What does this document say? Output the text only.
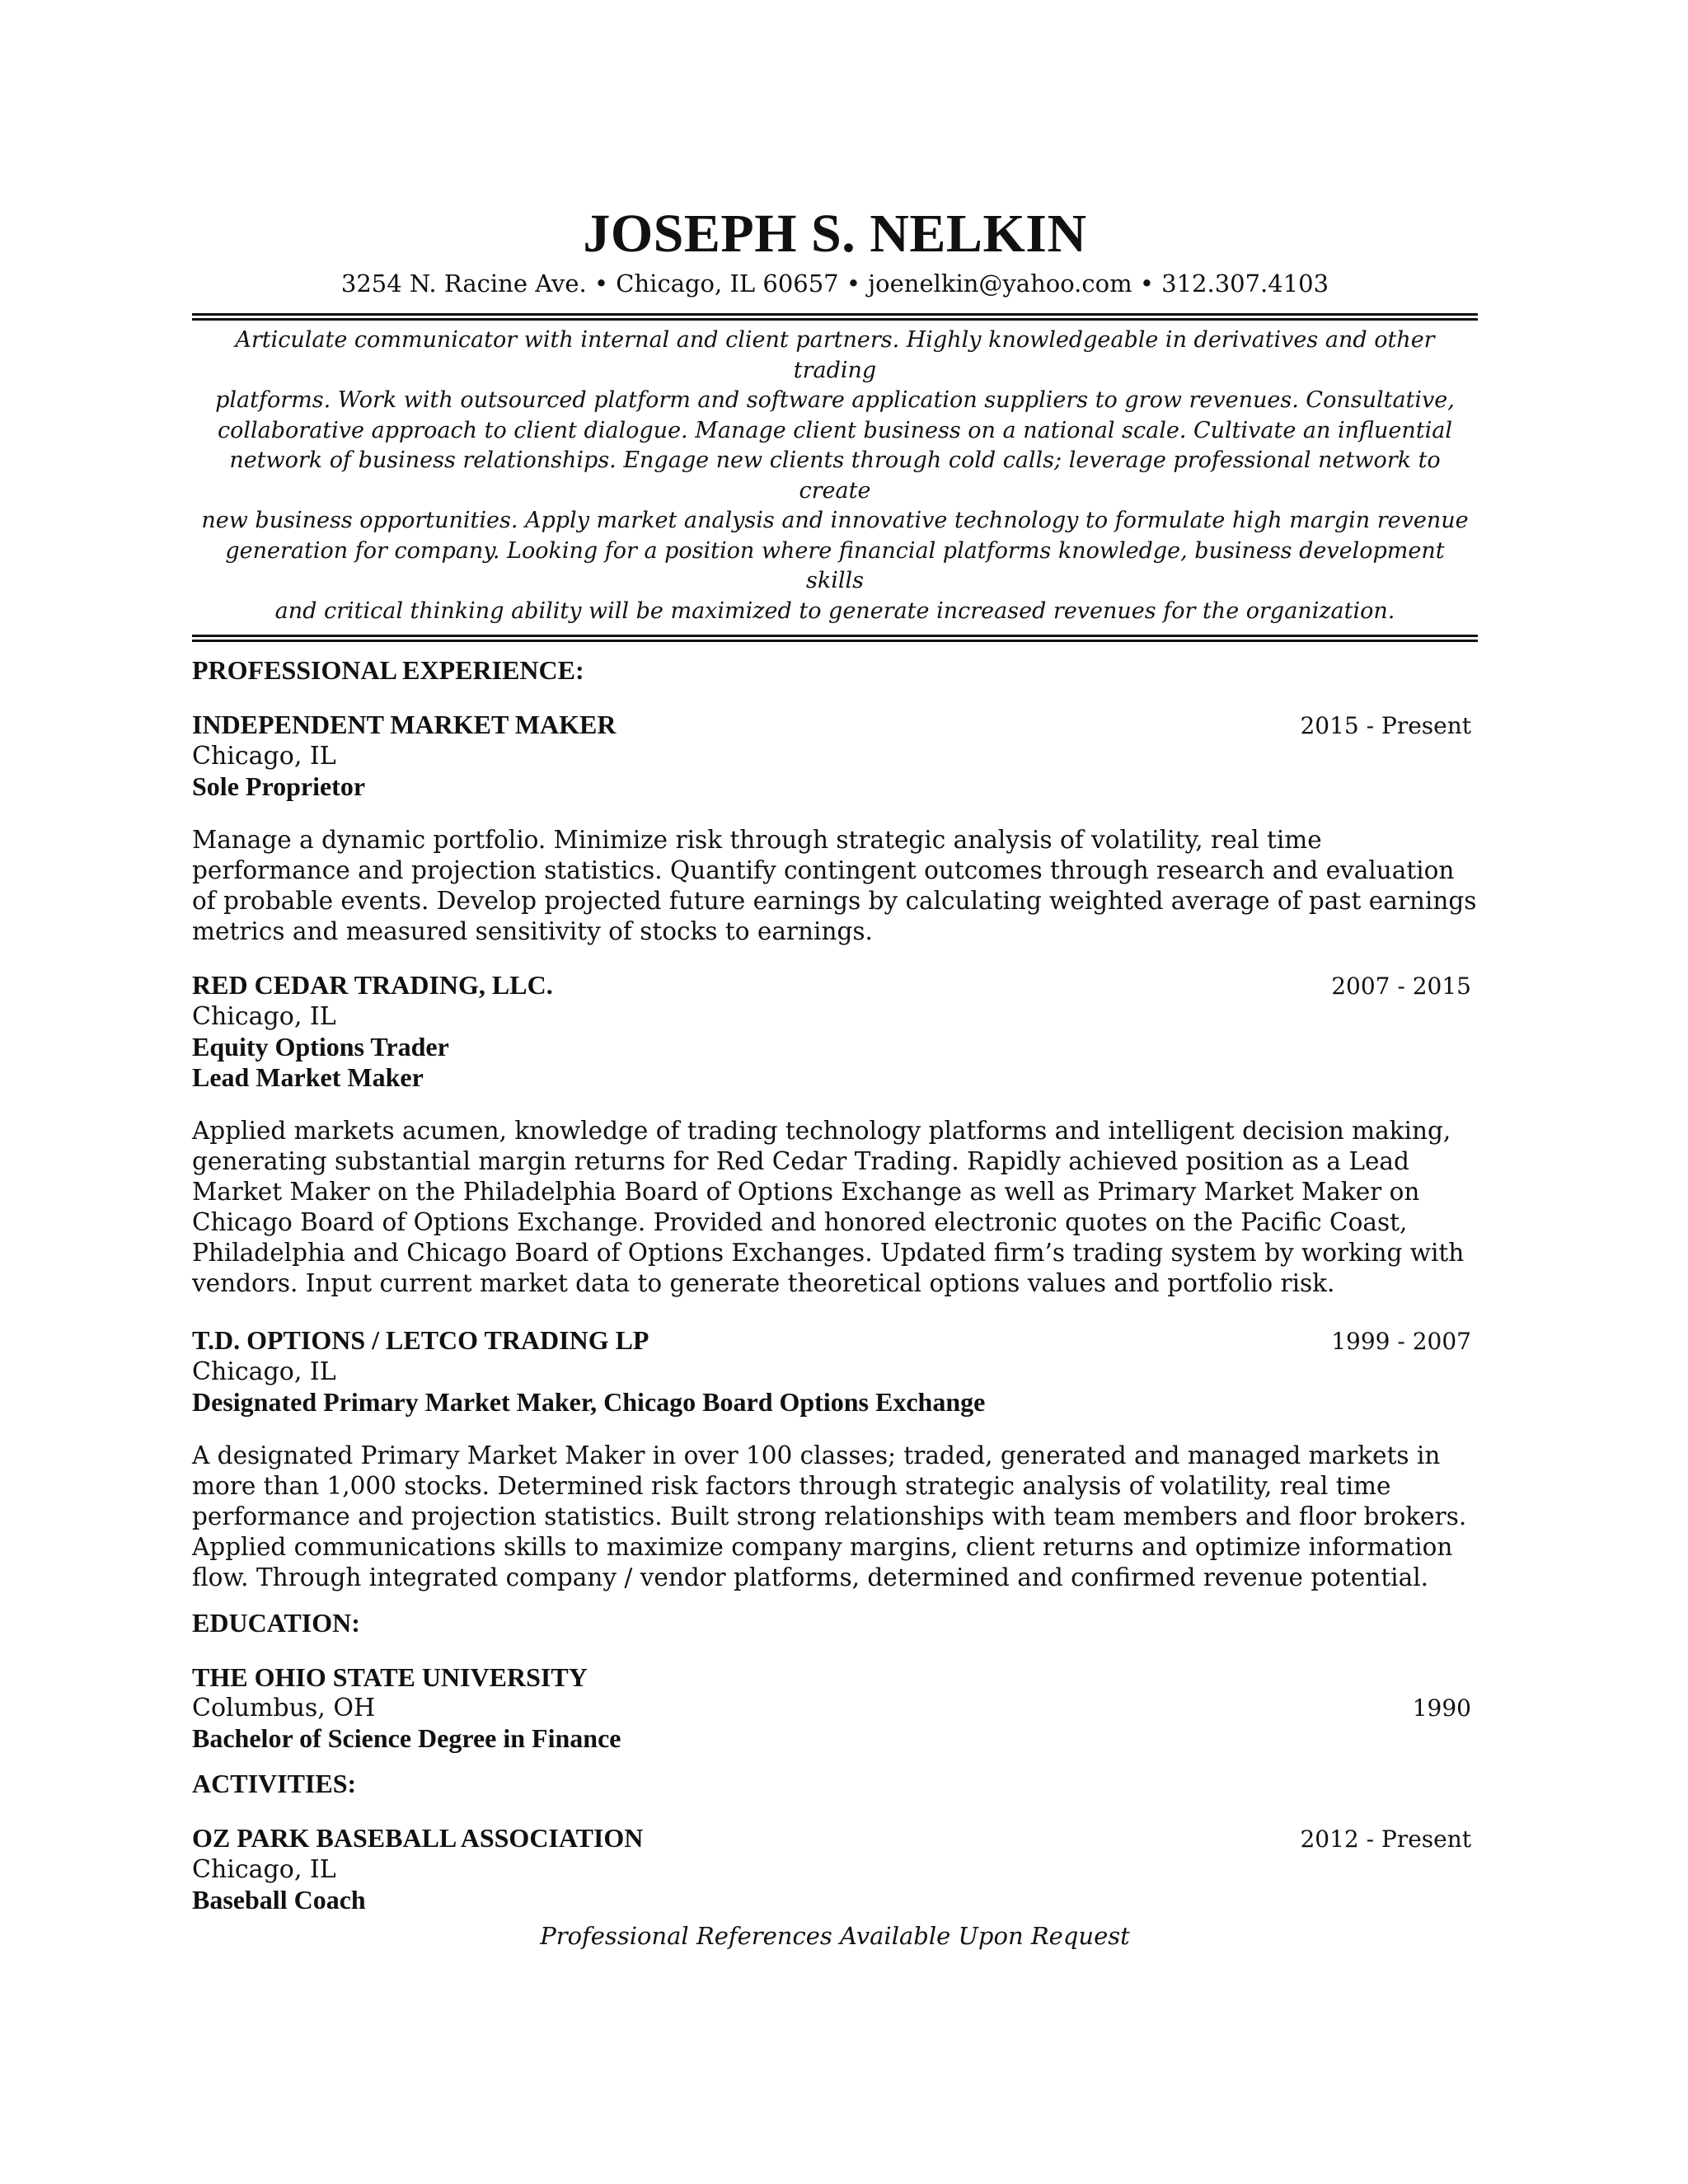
JOSEPH S. NELKIN
3254 N. Racine Ave. • Chicago, IL 60657 • joenelkin@yahoo.com • 312.307.4103
Articulate communicator with internal and client partners. Highly knowledgeable in derivatives and other trading
platforms. Work with outsourced platform and software application suppliers to grow revenues. Consultative,
collaborative approach to client dialogue. Manage client business on a national scale. Cultivate an influential
network of business relationships. Engage new clients through cold calls; leverage professional network to create
new business opportunities. Apply market analysis and innovative technology to formulate high margin revenue
generation for company. Looking for a position where financial platforms knowledge, business development skills
and critical thinking ability will be maximized to generate increased revenues for the organization.
PROFESSIONAL EXPERIENCE:
INDEPENDENT MARKET MAKER	2015 - Present
Chicago, IL
Sole Proprietor
Manage a dynamic portfolio. Minimize risk through strategic analysis of volatility, real time performance and projection statistics. Quantify contingent outcomes through research and evaluation of probable events. Develop projected future earnings by calculating weighted average of past earnings metrics and measured sensitivity of stocks to earnings.
RED CEDAR TRADING, LLC.	2007 - 2015
Chicago, IL
Equity Options Trader
Lead Market Maker
Applied markets acumen, knowledge of trading technology platforms and intelligent decision making, generating substantial margin returns for Red Cedar Trading. Rapidly achieved position as a Lead Market Maker on the Philadelphia Board of Options Exchange as well as Primary Market Maker on Chicago Board of Options Exchange. Provided and honored electronic quotes on the Pacific Coast, Philadelphia and Chicago Board of Options Exchanges. Updated firm’s trading system by working with vendors. Input current market data to generate theoretical options values and portfolio risk.
T.D. OPTIONS / LETCO TRADING LP	1999 - 2007
Chicago, IL
Designated Primary Market Maker, Chicago Board Options Exchange
A designated Primary Market Maker in over 100 classes; traded, generated and managed markets in more than 1,000 stocks. Determined risk factors through strategic analysis of volatility, real time performance and projection statistics. Built strong relationships with team members and floor brokers. Applied communications skills to maximize company margins, client returns and optimize information flow. Through integrated company / vendor platforms, determined and confirmed revenue potential.
EDUCATION:
THE OHIO STATE UNIVERSITY
Columbus, OH	1990
Bachelor of Science Degree in Finance
ACTIVITIES:
OZ PARK BASEBALL ASSOCIATION	2012 - Present
Chicago, IL
Baseball Coach
Professional References Available Upon Request
